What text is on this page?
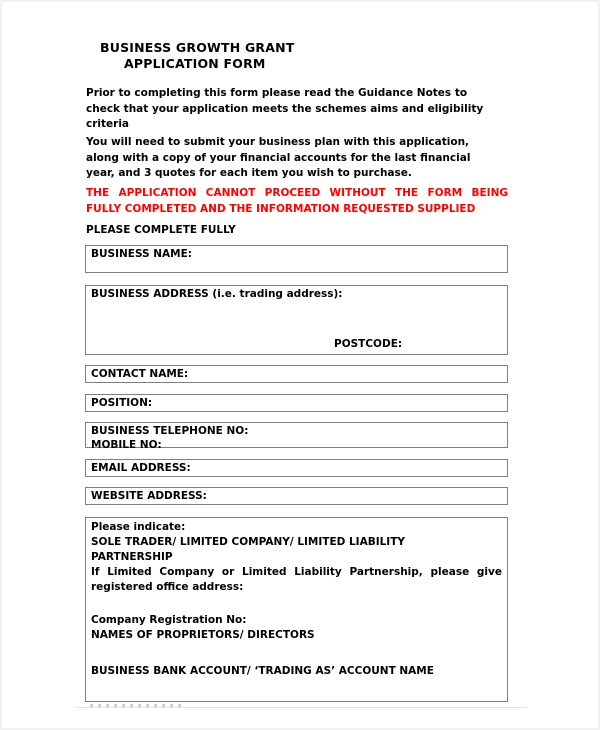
BUSINESS GROWTH GRANT
APPLICATION FORM
Prior to completing this form please read the Guidance Notes to
check that your application meets the schemes aims and eligibility
criteria
You will need to submit your business plan with this application,
along with a copy of your financial accounts for the last financial
year, and 3 quotes for each item you wish to purchase.
THE APPLICATION CANNOT PROCEED WITHOUT THE FORM BEING
FULLY COMPLETED AND THE INFORMATION REQUESTED SUPPLIED
PLEASE COMPLETE FULLY
BUSINESS NAME:
BUSINESS ADDRESS (i.e. trading address):
POSTCODE:
CONTACT NAME:
POSITION:
BUSINESS TELEPHONE NO:
MOBILE NO:
EMAIL ADDRESS:
WEBSITE ADDRESS:
Please indicate:
SOLE TRADER/ LIMITED COMPANY/ LIMITED LIABILITY
PARTNERSHIP
If Limited Company or Limited Liability Partnership, please give
registered office address:
Company Registration No:
NAMES OF PROPRIETORS/ DIRECTORS
BUSINESS BANK ACCOUNT/ ‘TRADING AS’ ACCOUNT NAME
